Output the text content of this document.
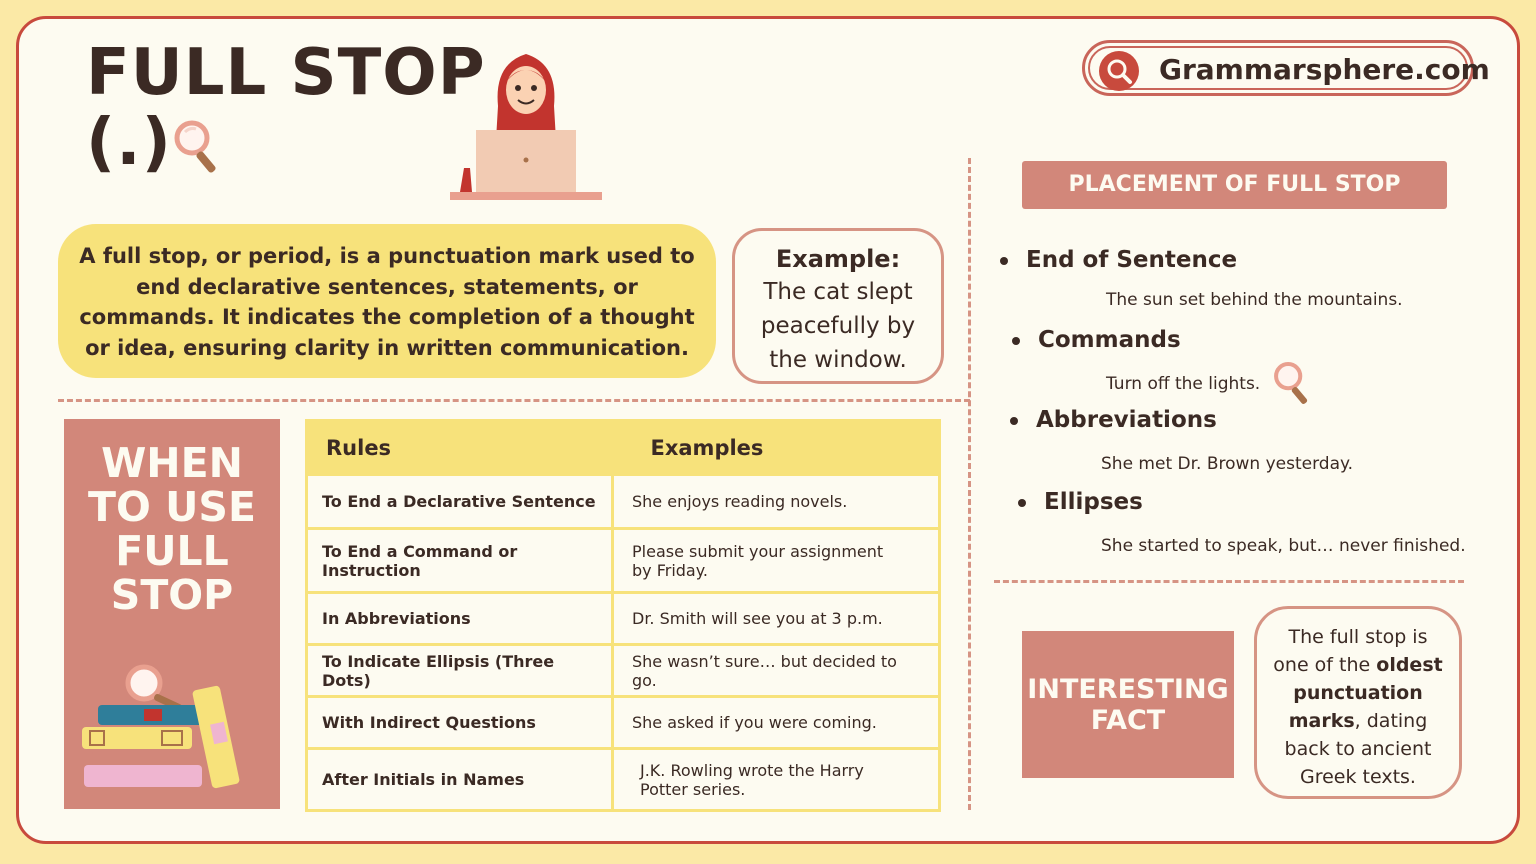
FULL STOP
(.)
Grammarsphere.com
A full stop, or period, is a punctuation mark used to end declarative sentences, statements, or commands. It indicates the completion of a thought or idea, ensuring clarity in written communication.
Example:
The cat slept
peacefully by
the window.
WHEN
TO USE
FULL
STOP
Rules	Examples
To End a Declarative Sentence	She enjoys reading novels.
To End a Command or Instruction	Please submit your assignment by Friday.
In Abbreviations	Dr. Smith will see you at 3 p.m.
To Indicate Ellipsis (Three Dots)	She wasn’t sure… but decided to go.
With Indirect Questions	She asked if you were coming.
After Initials in Names	J.K. Rowling wrote the Harry Potter series.
PLACEMENT OF FULL STOP
End of Sentence
The sun set behind the mountains.
Commands
Turn off the lights.
Abbreviations
She met Dr. Brown yesterday.
Ellipses
She started to speak, but… never finished.
INTERESTING
FACT
The full stop is one of the oldest punctuation marks, dating back to ancient Greek texts.
